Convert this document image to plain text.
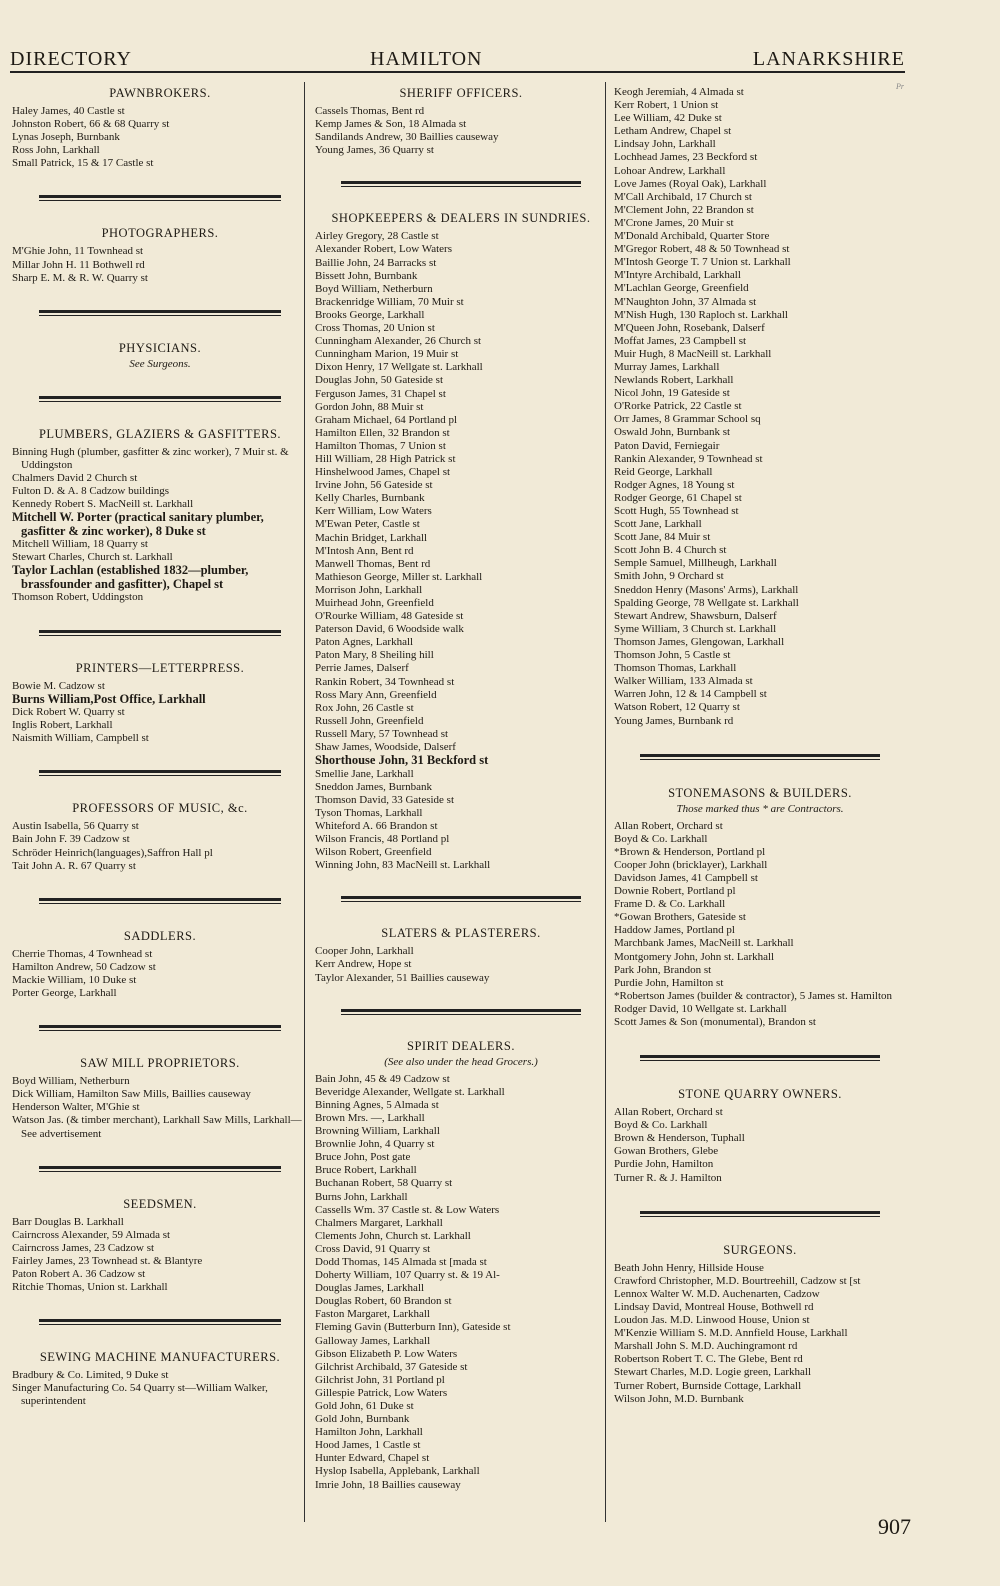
DIRECTORY	HAMILTON	LANARKSHIRE
Pr
PAWNBROKERS.
Haley James, 40 Castle st
Johnston Robert, 66 & 68 Quarry st
Lynas Joseph, Burnbank
Ross John, Larkhall
Small Patrick, 15 & 17 Castle st
PHOTOGRAPHERS.
M'Ghie John, 11 Townhead st
Millar John H. 11 Bothwell rd
Sharp E. M. & R. W. Quarry st
PHYSICIANS.
See Surgeons.
PLUMBERS, GLAZIERS & GASFITTERS.
Binning Hugh (plumber, gasfitter & zinc worker), 7 Muir st. & Uddingston
Chalmers David 2 Church st
Fulton D. & A. 8 Cadzow buildings
Kennedy Robert S. MacNeill st. Larkhall
Mitchell W. Porter (practical sanitary plumber, gasfitter & zinc worker), 8 Duke st
Mitchell William, 18 Quarry st
Stewart Charles, Church st. Larkhall
Taylor Lachlan (established 1832—plumber, brassfounder and gasfitter), Chapel st
Thomson Robert, Uddingston
PRINTERS—LETTERPRESS.
Bowie M. Cadzow st
Burns William,Post Office, Larkhall
Dick Robert W. Quarry st
Inglis Robert, Larkhall
Naismith William, Campbell st
PROFESSORS OF MUSIC, &c.
Austin Isabella, 56 Quarry st
Bain John F. 39 Cadzow st
Schröder Heinrich(languages),Saffron Hall pl
Tait John A. R. 67 Quarry st
SADDLERS.
Cherrie Thomas, 4 Townhead st
Hamilton Andrew, 50 Cadzow st
Mackie William, 10 Duke st
Porter George, Larkhall
SAW MILL PROPRIETORS.
Boyd William, Netherburn
Dick William, Hamilton Saw Mills, Baillies causeway
Henderson Walter, M'Ghie st
Watson Jas. (& timber merchant), Larkhall Saw Mills, Larkhall—See advertisement
SEEDSMEN.
Barr Douglas B. Larkhall
Cairncross Alexander, 59 Almada st
Cairncross James, 23 Cadzow st
Fairley James, 23 Townhead st. & Blantyre
Paton Robert A. 36 Cadzow st
Ritchie Thomas, Union st. Larkhall
SEWING MACHINE MANUFACTURERS.
Bradbury & Co. Limited, 9 Duke st
Singer Manufacturing Co. 54 Quarry st—William Walker, superintendent
SHERIFF OFFICERS.
Cassels Thomas, Bent rd
Kemp James & Son, 18 Almada st
Sandilands Andrew, 30 Baillies causeway
Young James, 36 Quarry st
SHOPKEEPERS & DEALERS IN SUNDRIES.
Airley Gregory, 28 Castle st
Alexander Robert, Low Waters
Baillie John, 24 Barracks st
Bissett John, Burnbank
Boyd William, Netherburn
Brackenridge William, 70 Muir st
Brooks George, Larkhall
Cross Thomas, 20 Union st
Cunningham Alexander, 26 Church st
Cunningham Marion, 19 Muir st
Dixon Henry, 17 Wellgate st. Larkhall
Douglas John, 50 Gateside st
Ferguson James, 31 Chapel st
Gordon John, 88 Muir st
Graham Michael, 64 Portland pl
Hamilton Ellen, 32 Brandon st
Hamilton Thomas, 7 Union st
Hill William, 28 High Patrick st
Hinshelwood James, Chapel st
Irvine John, 56 Gateside st
Kelly Charles, Burnbank
Kerr William, Low Waters
M'Ewan Peter, Castle st
Machin Bridget, Larkhall
M'Intosh Ann, Bent rd
Manwell Thomas, Bent rd
Mathieson George, Miller st. Larkhall
Morrison John, Larkhall
Muirhead John, Greenfield
O'Rourke William, 48 Gateside st
Paterson David, 6 Woodside walk
Paton Agnes, Larkhall
Paton Mary, 8 Sheiling hill
Perrie James, Dalserf
Rankin Robert, 34 Townhead st
Ross Mary Ann, Greenfield
Rox John, 26 Castle st
Russell John, Greenfield
Russell Mary, 57 Townhead st
Shaw James, Woodside, Dalserf
Shorthouse John, 31 Beckford st
Smellie Jane, Larkhall
Sneddon James, Burnbank
Thomson David, 33 Gateside st
Tyson Thomas, Larkhall
Whiteford A. 66 Brandon st
Wilson Francis, 48 Portland pl
Wilson Robert, Greenfield
Winning John, 83 MacNeill st. Larkhall
SLATERS & PLASTERERS.
Cooper John, Larkhall
Kerr Andrew, Hope st
Taylor Alexander, 51 Baillies causeway
SPIRIT DEALERS.
(See also under the head Grocers.)
Bain John, 45 & 49 Cadzow st
Beveridge Alexander, Wellgate st. Larkhall
Binning Agnes, 5 Almada st
Brown Mrs. —, Larkhall
Browning William, Larkhall
Brownlie John, 4 Quarry st
Bruce John, Post gate
Bruce Robert, Larkhall
Buchanan Robert, 58 Quarry st
Burns John, Larkhall
Cassells Wm. 37 Castle st. & Low Waters
Chalmers Margaret, Larkhall
Clements John, Church st. Larkhall
Cross David, 91 Quarry st
Dodd Thomas, 145 Almada st [mada st
Doherty William, 107 Quarry st. & 19 Al-
Douglas James, Larkhall
Douglas Robert, 60 Brandon st
Faston Margaret, Larkhall
Fleming Gavin (Butterburn Inn), Gateside st
Galloway James, Larkhall
Gibson Elizabeth P. Low Waters
Gilchrist Archibald, 37 Gateside st
Gilchrist John, 31 Portland pl
Gillespie Patrick, Low Waters
Gold John, 61 Duke st
Gold John, Burnbank
Hamilton John, Larkhall
Hood James, 1 Castle st
Hunter Edward, Chapel st
Hyslop Isabella, Applebank, Larkhall
Imrie John, 18 Baillies causeway
Keogh Jeremiah, 4 Almada st
Kerr Robert, 1 Union st
Lee William, 42 Duke st
Letham Andrew, Chapel st
Lindsay John, Larkhall
Lochhead James, 23 Beckford st
Lohoar Andrew, Larkhall
Love James (Royal Oak), Larkhall
M'Call Archibald, 17 Church st
M'Clement John, 22 Brandon st
M'Crone James, 20 Muir st
M'Donald Archibald, Quarter Store
M'Gregor Robert, 48 & 50 Townhead st
M'Intosh George T. 7 Union st. Larkhall
M'Intyre Archibald, Larkhall
M'Lachlan George, Greenfield
M'Naughton John, 37 Almada st
M'Nish Hugh, 130 Raploch st. Larkhall
M'Queen John, Rosebank, Dalserf
Moffat James, 23 Campbell st
Muir Hugh, 8 MacNeill st. Larkhall
Murray James, Larkhall
Newlands Robert, Larkhall
Nicol John, 19 Gateside st
O'Rorke Patrick, 22 Castle st
Orr James, 8 Grammar School sq
Oswald John, Burnbank st
Paton David, Ferniegair
Rankin Alexander, 9 Townhead st
Reid George, Larkhall
Rodger Agnes, 18 Young st
Rodger George, 61 Chapel st
Scott Hugh, 55 Townhead st
Scott Jane, Larkhall
Scott Jane, 84 Muir st
Scott John B. 4 Church st
Semple Samuel, Millheugh, Larkhall
Smith John, 9 Orchard st
Sneddon Henry (Masons' Arms), Larkhall
Spalding George, 78 Wellgate st. Larkhall
Stewart Andrew, Shawsburn, Dalserf
Syme William, 3 Church st. Larkhall
Thomson James, Glengowan, Larkhall
Thomson John, 5 Castle st
Thomson Thomas, Larkhall
Walker William, 133 Almada st
Warren John, 12 & 14 Campbell st
Watson Robert, 12 Quarry st
Young James, Burnbank rd
STONEMASONS & BUILDERS.
Those marked thus * are Contractors.
Allan Robert, Orchard st
Boyd & Co. Larkhall
*Brown & Henderson, Portland pl
Cooper John (bricklayer), Larkhall
Davidson James, 41 Campbell st
Downie Robert, Portland pl
Frame D. & Co. Larkhall
*Gowan Brothers, Gateside st
Haddow James, Portland pl
Marchbank James, MacNeill st. Larkhall
Montgomery John, John st. Larkhall
Park John, Brandon st
Purdie John, Hamilton st
*Robertson James (builder & contractor), 5 James st. Hamilton
Rodger David, 10 Wellgate st. Larkhall
Scott James & Son (monumental), Brandon st
STONE QUARRY OWNERS.
Allan Robert, Orchard st
Boyd & Co. Larkhall
Brown & Henderson, Tuphall
Gowan Brothers, Glebe
Purdie John, Hamilton
Turner R. & J. Hamilton
SURGEONS.
Beath John Henry, Hillside House
Crawford Christopher, M.D. Bourtreehill, Cadzow st [st
Lennox Walter W. M.D. Auchenarten, Cadzow
Lindsay David, Montreal House, Bothwell rd
Loudon Jas. M.D. Linwood House, Union st
M'Kenzie William S. M.D. Annfield House, Larkhall
Marshall John S. M.D. Auchingramont rd
Robertson Robert T. C. The Glebe, Bent rd
Stewart Charles, M.D. Logie green, Larkhall
Turner Robert, Burnside Cottage, Larkhall
Wilson John, M.D. Burnbank
907
